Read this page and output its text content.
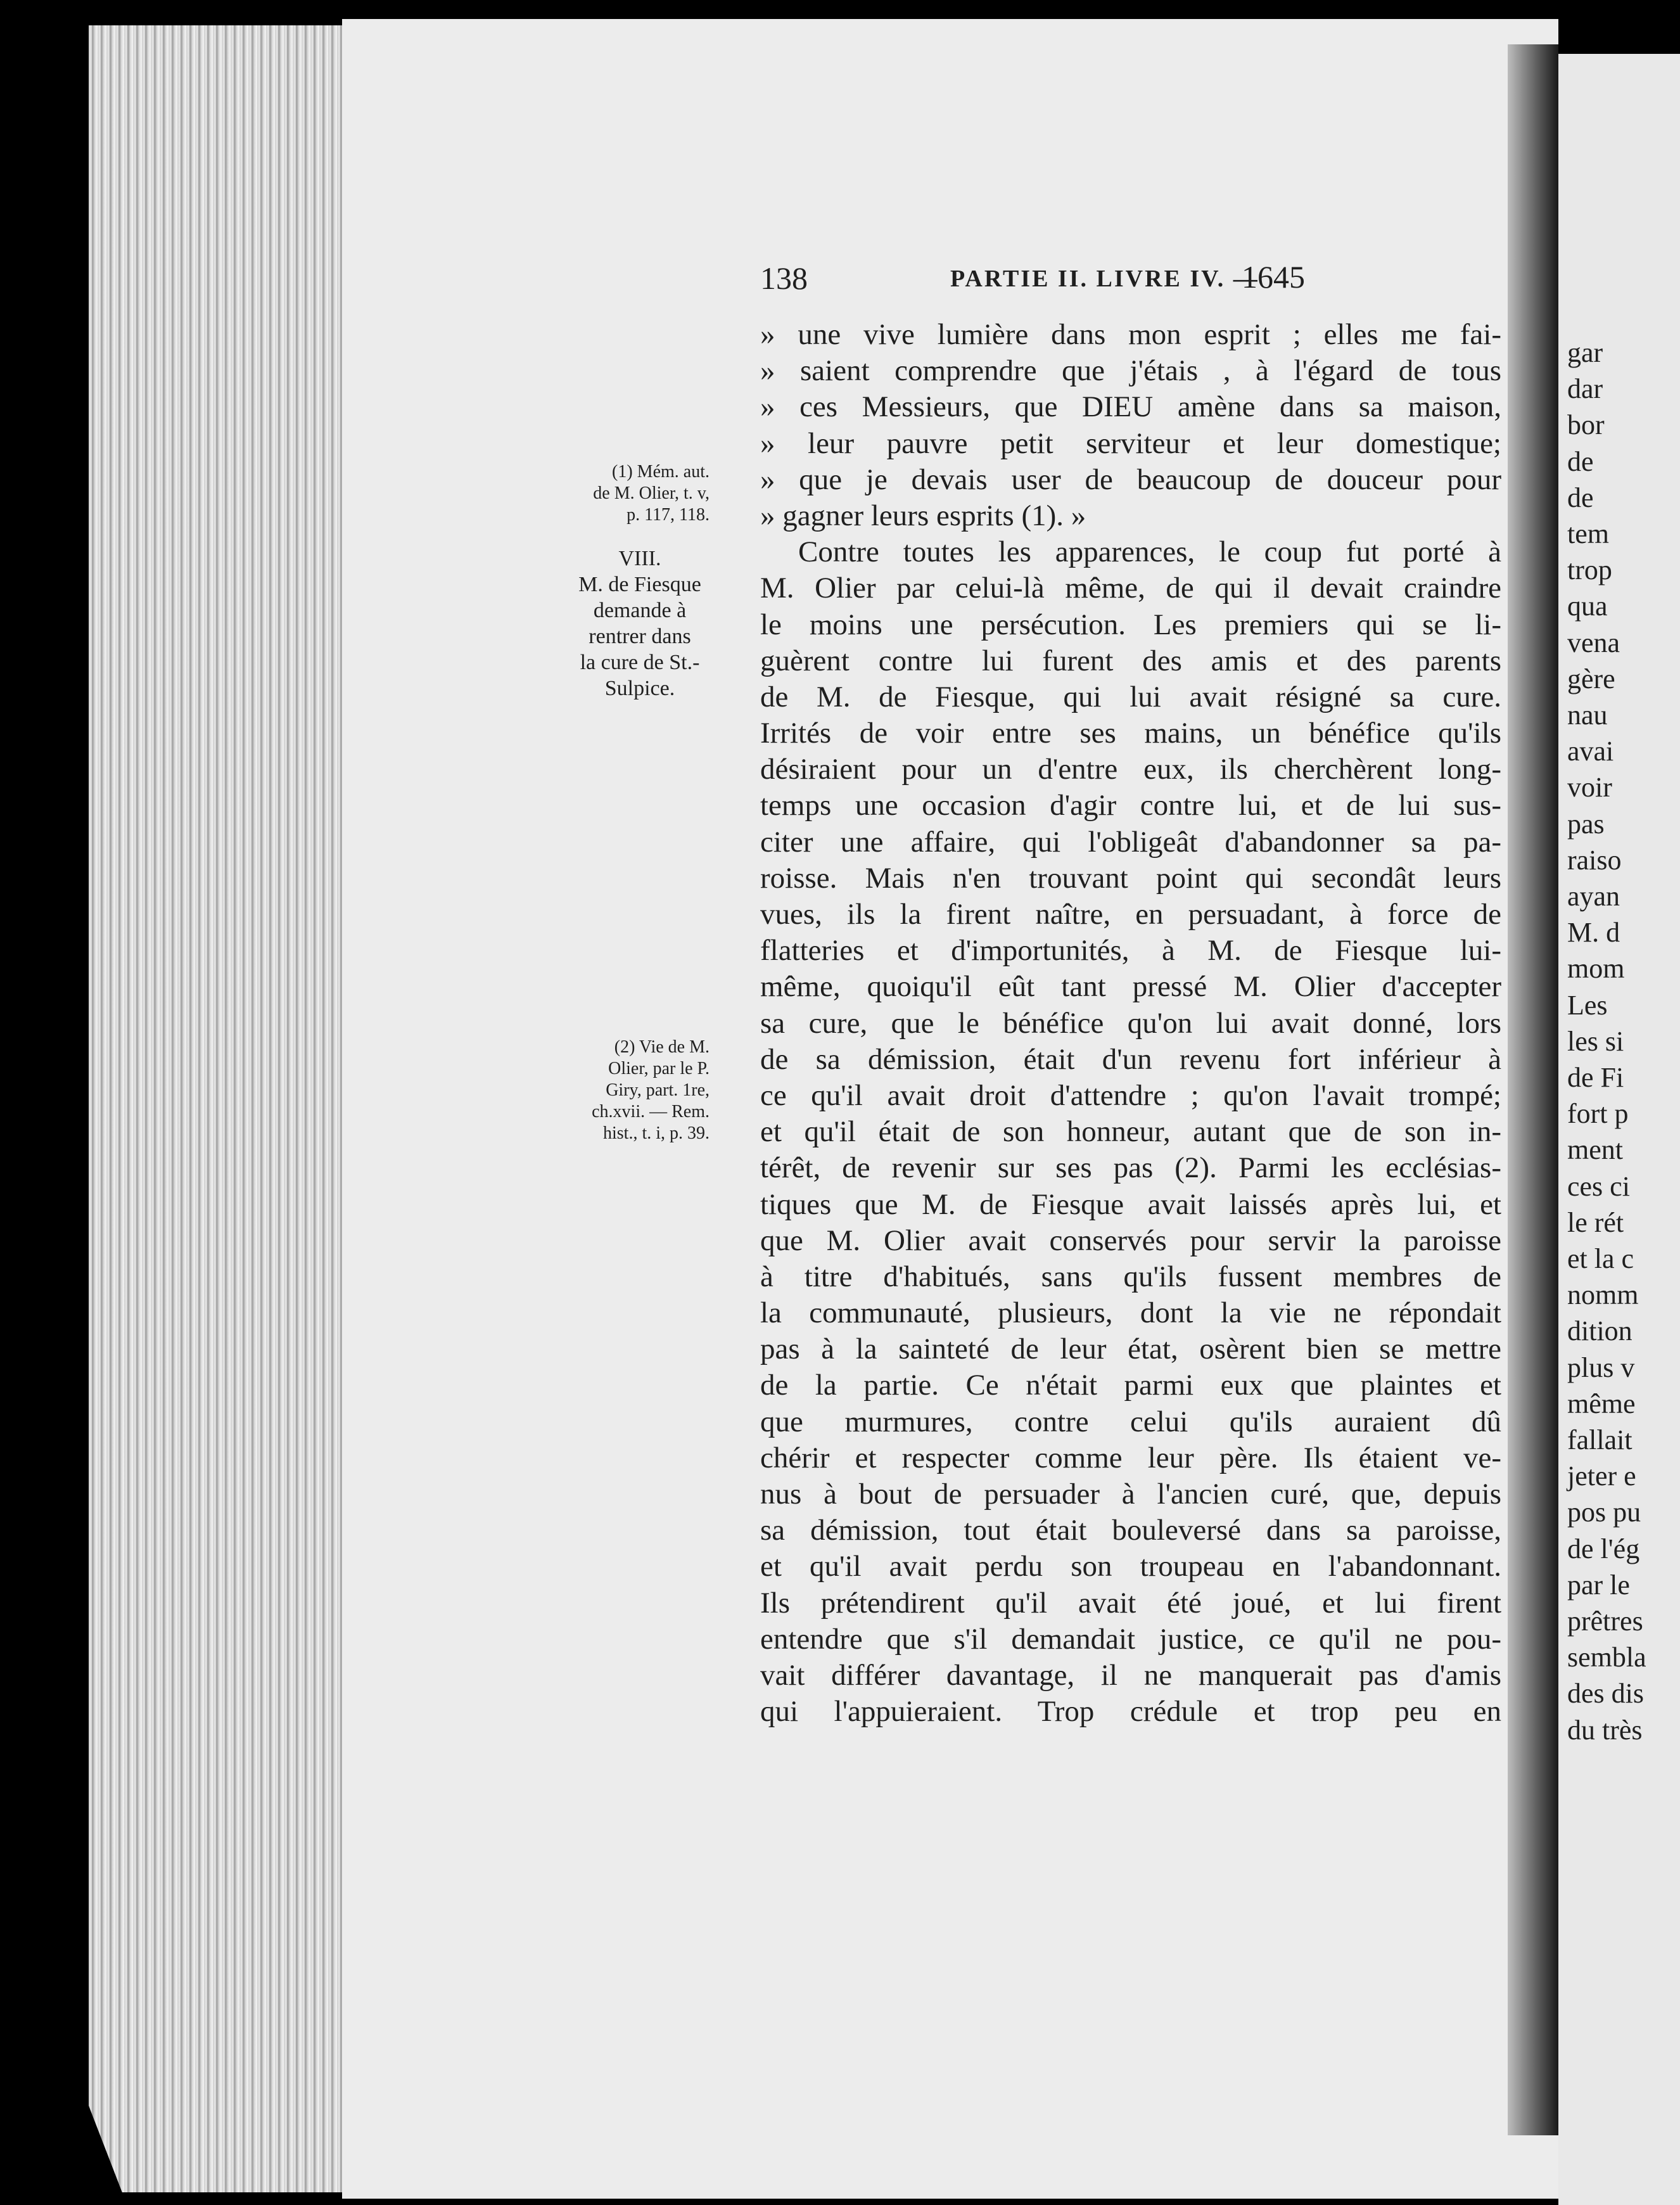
gar
dar
bor
de
de
tem
trop
qua
vena
gère
nau
avai
voir
pas
raiso
ayan
M. d
mom
Les
les si
de Fi
fort p
ment
ces ci
le rét
et la c
nomm
dition
plus v
même
fallait
jeter e
pos pu
de l'ég
par le
prêtres
sembla
des dis
du très
138	PARTIE II. LIVRE IV. —
1645
» une vive lumière dans mon esprit ; elles me fai-
» saient comprendre que j'étais , à l'égard de tous
» ces Messieurs, que DIEU amène dans sa maison,
» leur pauvre petit serviteur et leur domestique;
» que je devais user de beaucoup de douceur pour
» gagner leurs esprits (1). »
Contre toutes les apparences, le coup fut porté à
M. Olier par celui-là même, de qui il devait craindre
le moins une persécution. Les premiers qui se li-
guèrent contre lui furent des amis et des parents
de M. de Fiesque, qui lui avait résigné sa cure.
Irrités de voir entre ses mains, un bénéfice qu'ils
désiraient pour un d'entre eux, ils cherchèrent long-
temps une occasion d'agir contre lui, et de lui sus-
citer une affaire, qui l'obligeât d'abandonner sa pa-
roisse. Mais n'en trouvant point qui secondât leurs
vues, ils la firent naître, en persuadant, à force de
flatteries et d'importunités, à M. de Fiesque lui-
même, quoiqu'il eût tant pressé M. Olier d'accepter
sa cure, que le bénéfice qu'on lui avait donné, lors
de sa démission, était d'un revenu fort inférieur à
ce qu'il avait droit d'attendre ; qu'on l'avait trompé;
et qu'il était de son honneur, autant que de son in-
térêt, de revenir sur ses pas (2). Parmi les ecclésias-
tiques que M. de Fiesque avait laissés après lui, et
que M. Olier avait conservés pour servir la paroisse
à titre d'habitués, sans qu'ils fussent membres de
la communauté, plusieurs, dont la vie ne répondait
pas à la sainteté de leur état, osèrent bien se mettre
de la partie. Ce n'était parmi eux que plaintes et
que murmures, contre celui qu'ils auraient dû
chérir et respecter comme leur père. Ils étaient ve-
nus à bout de persuader à l'ancien curé, que, depuis
sa démission, tout était bouleversé dans sa paroisse,
et qu'il avait perdu son troupeau en l'abandonnant.
Ils prétendirent qu'il avait été joué, et lui firent
entendre que s'il demandait justice, ce qu'il ne pou-
vait différer davantage, il ne manquerait pas d'amis
qui l'appuieraient. Trop crédule et trop peu en
(1) Mém. aut.
de M. Olier, t. v,
p. 117, 118.
VIII.
M. de Fiesque
demande à
rentrer dans
la cure de St.-
Sulpice.
(2) Vie de M.
Olier, par le P.
Giry, part. 1re,
ch.xvii. — Rem.
hist., t. i, p. 39.
